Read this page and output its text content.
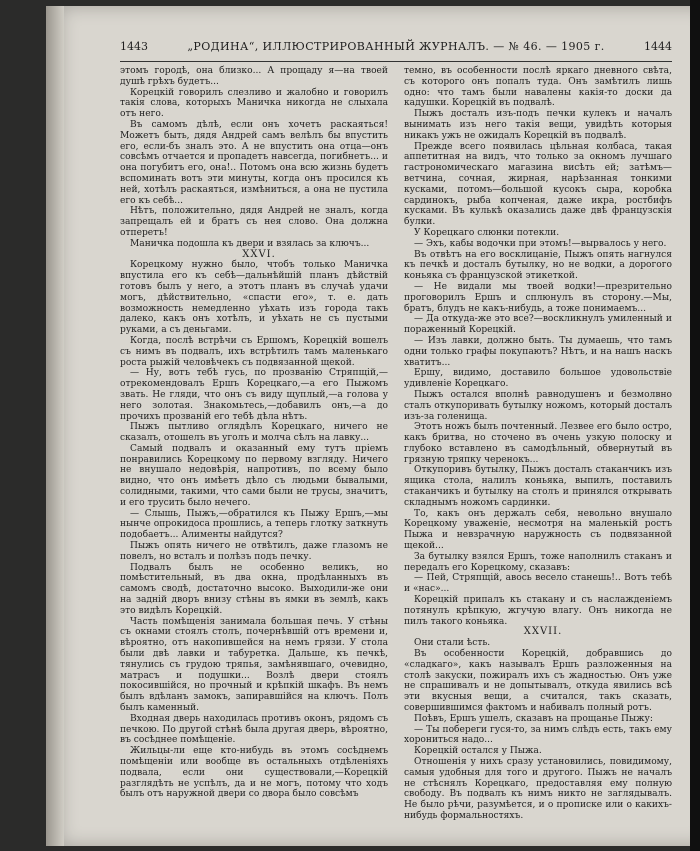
1443	„РОДИНА“, ИЛЛЮСТРИРОВАННЫЙ ЖУРНАЛЪ. — № 46. — 1905 г.	1444

этомъ городѣ, она близко... А прощаду я—на твоей душѣ грѣхъ будетъ...

Корецкій говорилъ слезливо и жалобно и говорилъ такія слова, которыхъ Маничка никогда не слыхала отъ него.

Въ самомъ дѣлѣ, если онъ хочетъ раскаяться! Можетъ быть, дядя Андрей самъ велѣлъ бы впустить его, если-бъ зналъ это. А не впустить она отца—онъ совсѣмъ отчается и пропадетъ навсегда, погибнетъ... и она погубитъ его, она!.. Потомъ она всю жизнь будетъ вспоминать вотъ эти минуты, когда онъ просился къ ней, хотѣлъ раскаяться, измѣниться, а она не пустила его къ себѣ...

Нѣтъ, положительно, дядя Андрей не зналъ, когда запрещалъ ей и братъ съ нея слово. Она должна отперетъ!

Маничка подошла къ двери и взялась за ключъ...

XXVI.

Корецкому нужно было, чтобъ только Маничка впустила его къ себѣ—дальнѣйшій планъ дѣйствій готовъ былъ у него, а этотъ планъ въ случаѣ удачи могъ, дѣйствительно, «спасти его», т. е. дать возможность немедленно уѣхать изъ города такъ далеко, какъ онъ хотѣлъ, и уѣхать не съ пустыми руками, а съ деньгами.

Когда, послѣ встрѣчи съ Ершомъ, Корецкій вошелъ съ нимъ въ подвалъ, ихъ встрѣтилъ тамъ маленькаго роста рыжій человѣчекъ съ подвязанной щекой.

— Ну, вотъ тебѣ гусь, по прозванію Стряпщій,—отрекомендовалъ Ершъ Корецкаго,—а его Пыжомъ звать. Не гляди, что онъ съ виду щуплый,—а голова у него золотая. Знакомьтесь,—добавилъ онъ,—а до прочихъ прозваній его тебѣ дѣла нѣтъ.

Пыжъ пытливо оглядѣлъ Корецкаго, ничего не сказалъ, отошелъ въ уголъ и молча сѣлъ на лавку...

Самый подвалъ и оказанный ему тутъ пріемъ понравились Корецкому по первому взгляду. Ничего не внушало недовѣрія, напротивъ, по всему было видно, что онъ имѣетъ дѣло съ людьми бывалыми, солидными, такими, что сами были не трусы, значитъ, и его трусить было нечего.

— Слышь, Пыжъ,—обратился къ Пыжу Ершъ,—мы нынче опрокидоса прошлись, а теперь глотку заткнуть подобаетъ... Алименты найдутся?

Пыжъ опять ничего не отвѣтилъ, даже глазомъ не повелъ, но всталъ и полѣзъ подъ печку.

Подвалъ былъ не особенно великъ, но помѣстительный, въ два окна, продѣланныхъ въ самомъ сводѣ, достаточно высоко. Выходили-же они на задній дворъ внизу стѣны въ ямки въ землѣ, какъ это видѣлъ Корецкій.

Часть помѣщенія занимала большая печь. У стѣны съ окнами стоялъ столъ, почернѣвшій отъ времени и, вѣроятно, отъ накопившейся на немъ грязи. У стола были двѣ лавки и табуретка. Дальше, къ печкѣ, тянулись съ грудою тряпья, замѣнявшаго, очевидно, матрасъ и подушки... Возлѣ двери стоялъ покосившійся, но прочный и крѣпкій шкафъ. Въ немъ былъ вдѣланъ замокъ, запиравшійся на ключъ. Полъ былъ каменный.

Входная дверь находилась противъ оконъ, рядомъ съ печкою. По другой стѣнѣ была другая дверь, вѣроятно, въ сосѣднее помѣщеніе.

Жильцы-ли еще кто-нибудь въ этомъ сосѣднемъ помѣщеніи или вообще въ остальныхъ отдѣленіяхъ подвала, если они существовали,—Корецкій разглядѣть не успѣлъ, да и не могъ, потому что ходъ былъ отъ наружной двери со двора было совсѣмъ

темно, въ особенности послѣ яркаго дневного свѣта, съ которого онъ попалъ туда. Онъ замѣтилъ лишь одно: что тамъ были навалены какія-то доски да кадушки. Корецкій въ подвалѣ.

Пыжъ досталъ изъ-подъ печки кулекъ и началъ вынимать изъ него такія вещи, увидѣть которыя никакъ ужъ не ожидалъ Корецкій въ подвалѣ.

Прежде всего появилась цѣльная колбаса, такая аппетитная на видъ, что только за окномъ лучшаго гастрономическаго магазина висѣть ей; затѣмъ—ветчина, сочная, жирная, нарѣзанная тонкими кусками, потомъ—большой кусокъ сыра, коробка сардинокъ, рыба копченая, даже икра, ростбифъ кусками. Въ кулькѣ оказались даже двѣ французскія булки.

У Корецкаго слюнки потекли.

— Эхъ, кабы водочки при этомъ!—вырвалось у него.

Въ отвѣтъ на его восклицаніе, Пыжъ опять нагнулся къ печкѣ и досталъ бутылку, но не водки, а дорогого коньяка съ французской этикеткой.

— Не видали мы твоей водки!—презрительно проговорилъ Ершъ и сплюнулъ въ сторону.—Мы, братъ, блудъ не какъ-нибудь, а тоже понимаемъ...

— Да откуда-же это все?—воскликнулъ умиленный и пораженный Корецкій.

— Изъ лавки, должно быть. Ты думаешь, что тамъ одни только графы покупаютъ? Нѣтъ, и на нашъ наскъ хватитъ...

Ершу, видимо, доставило большое удовольствіе удивленіе Корецкаго.

Пыжъ остался вполнѣ равнодушенъ и безмолвно сталъ откупоривать бутылку ножомъ, который досталъ изъ-за голенища.

Этотъ ножъ былъ почтенный. Лезвее его было остро, какъ бритва, но сточено въ очень узкую полоску и глубоко вставлено въ самодѣльный, обвернутый въ грязную тряпку черенокъ...

Откупоривъ бутылку, Пыжъ досталъ стаканчикъ изъ ящика стола, налилъ коньяка, выпилъ, поставилъ стаканчикъ и бутылку на столъ и принялся открывать складнымъ ножомъ сардинки.

То, какъ онъ держалъ себя, невольно внушало Корецкому уваженіе, несмотря на маленькій ростъ Пыжа и невзрачную наружность съ подвязанной щекой...

За бутылку взялся Ершъ, тоже наполнилъ стаканъ и передалъ его Корецкому, сказавъ:

— Пей, Стряпщій, авось весело станешь!.. Вотъ тебѣ и «нас»...

Корецкій припалъ къ стакану и съ наслажденіемъ потянулъ крѣпкую, жгучую влагу. Онъ никогда не пилъ такого коньяка.

XXVII.

Они стали ѣсть.

Въ особенности Корецкій, добравшись до «сладкаго», какъ называлъ Ершъ разложенныя на столѣ закуски, пожиралъ ихъ съ жадностью. Онъ уже не спрашивалъ и не допытывалъ, откуда явились всѣ эти вкусныя вещи, а считался, такъ сказать, совершившимся фактомъ и набивалъ полный ротъ.

Поѣвъ, Ершъ ушелъ, сказавъ на прощанье Пыжу:

— Ты побереги гуся-то, за нимъ слѣдъ есть, такъ ему хорониться надо...

Корецкій остался у Пыжа.

Отношенія у нихъ сразу установились, повидимому, самыя удобныя для того и другого. Пыжъ не началъ не стѣснялъ Корецкаго, предоставляя ему полную свободу. Въ подвалъ къ нимъ никто не заглядывалъ. Не было рѣчи, разумѣется, и о прописке или о какихъ-нибудь формальностяхъ.
